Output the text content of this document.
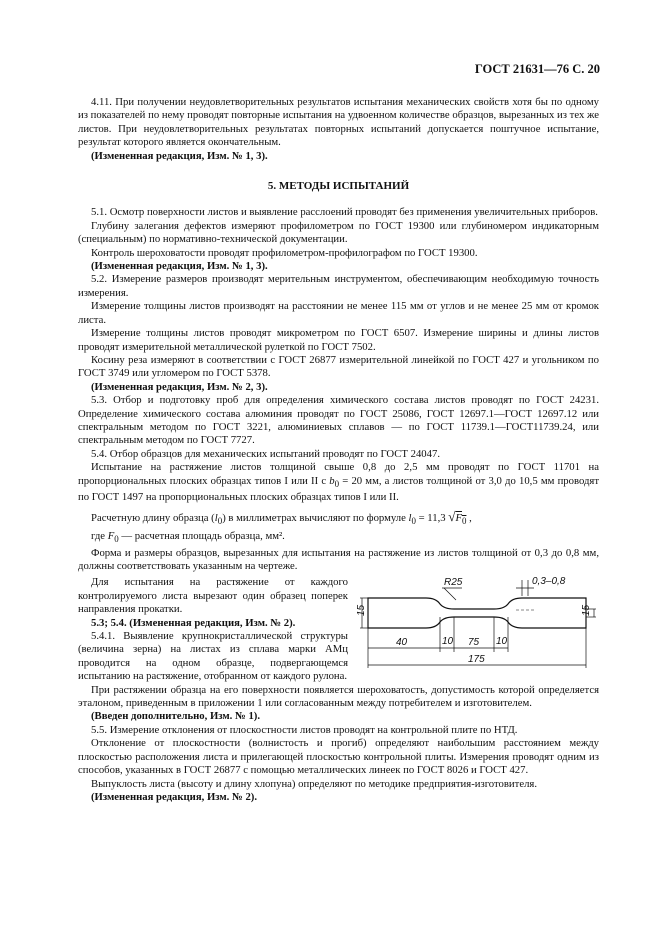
ГОСТ 21631—76 С. 20

4.11. При получении неудовлетворительных результатов испытания механических свойств хотя бы по одному из показателей по нему проводят повторные испытания на удвоенном количестве образцов, вырезанных из тех же листов. При неудовлетворительных результатах повторных испытаний допускается поштучное испытание, результат которого является окончательным.

(Измененная редакция, Изм. № 1, 3).

5. МЕТОДЫ ИСПЫТАНИЙ

5.1. Осмотр поверхности листов и выявление расслоений проводят без применения увеличительных приборов.

Глубину залегания дефектов измеряют профилометром по ГОСТ 19300 или глубиномером индикаторным (специальным) по нормативно-технической документации.

Контроль шероховатости проводят профилометром-профилографом по ГОСТ 19300.

(Измененная редакция, Изм. № 1, 3).

5.2. Измерение размеров производят мерительным инструментом, обеспечивающим необходимую точность измерения.

Измерение толщины листов производят на расстоянии не менее 115 мм от углов и не менее 25 мм от кромок листа.

Измерение толщины листов проводят микрометром по ГОСТ 6507. Измерение ширины и длины листов проводят измерительной металлической рулеткой по ГОСТ 7502.

Косину реза измеряют в соответствии с ГОСТ 26877 измерительной линейкой по ГОСТ 427 и угольником по ГОСТ 3749 или угломером по ГОСТ 5378.

(Измененная редакция, Изм. № 2, 3).

5.3. Отбор и подготовку проб для определения химического состава листов проводят по ГОСТ 24231. Определение химического состава алюминия проводят по ГОСТ 25086, ГОСТ 12697.1—ГОСТ 12697.12 или спектральным методом по ГОСТ 3221, алюминиевых сплавов — по ГОСТ 11739.1—ГОСТ11739.24, или спектральным методом по ГОСТ 7727.

5.4. Отбор образцов для механических испытаний проводят по ГОСТ 24047.

Испытание на растяжение листов толщиной свыше 0,8 до 2,5 мм проводят по ГОСТ 11701 на пропорциональных плоских образцах типов I или II с $b_0 = 20$ мм, а листов толщиной от 3,0 до 10,5 мм проводят по ГОСТ 1497 на пропорциональных плоских образцах типов I или II.

Расчетную длину образца $(l_0)$ в миллиметрах вычисляют по формуле $l_0 = 11,3$ $√F_0$ ,

где $F_0$ — расчетная площадь образца, мм².

Форма и размеры образцов, вырезанных для испытания на растяжение из листов толщиной от 0,3 до 0,8 мм, должны соответствовать указанным на чертеже.

Для испытания на растяжение от каждого контролируемого листа вырезают один образец поперек направления прокатки.

5.3; 5.4. (Измененная редакция, Изм. № 2).

5.4.1. Выявление крупнокристаллической структуры (величина зерна) на листах из сплава марки АМц проводится на одном образце, подвергающемся испытанию на растяжение, отобранном от каждого рулона.

R25	0,3–0,8
15	15
40	10 75 10
175

При растяжении образца на его поверхности появляется шероховатость, допустимость которой определяется эталоном, приведенным в приложении 1 или согласованным между потребителем и изготовителем.

(Введен дополнительно, Изм. № 1).

5.5. Измерение отклонения от плоскостности листов проводят на контрольной плите по НТД.

Отклонение от плоскостности (волнистость и прогиб) определяют наибольшим расстоянием между плоскостью расположения листа и прилегающей плоскостью контрольной плиты. Измерения проводят одним из способов, указанных в ГОСТ 26877 с помощью металлических линеек по ГОСТ 8026 и ГОСТ 427.

Выпуклость листа (высоту и длину хлопуна) определяют по методике предприятия-изготовителя.

(Измененная редакция, Изм. № 2).
